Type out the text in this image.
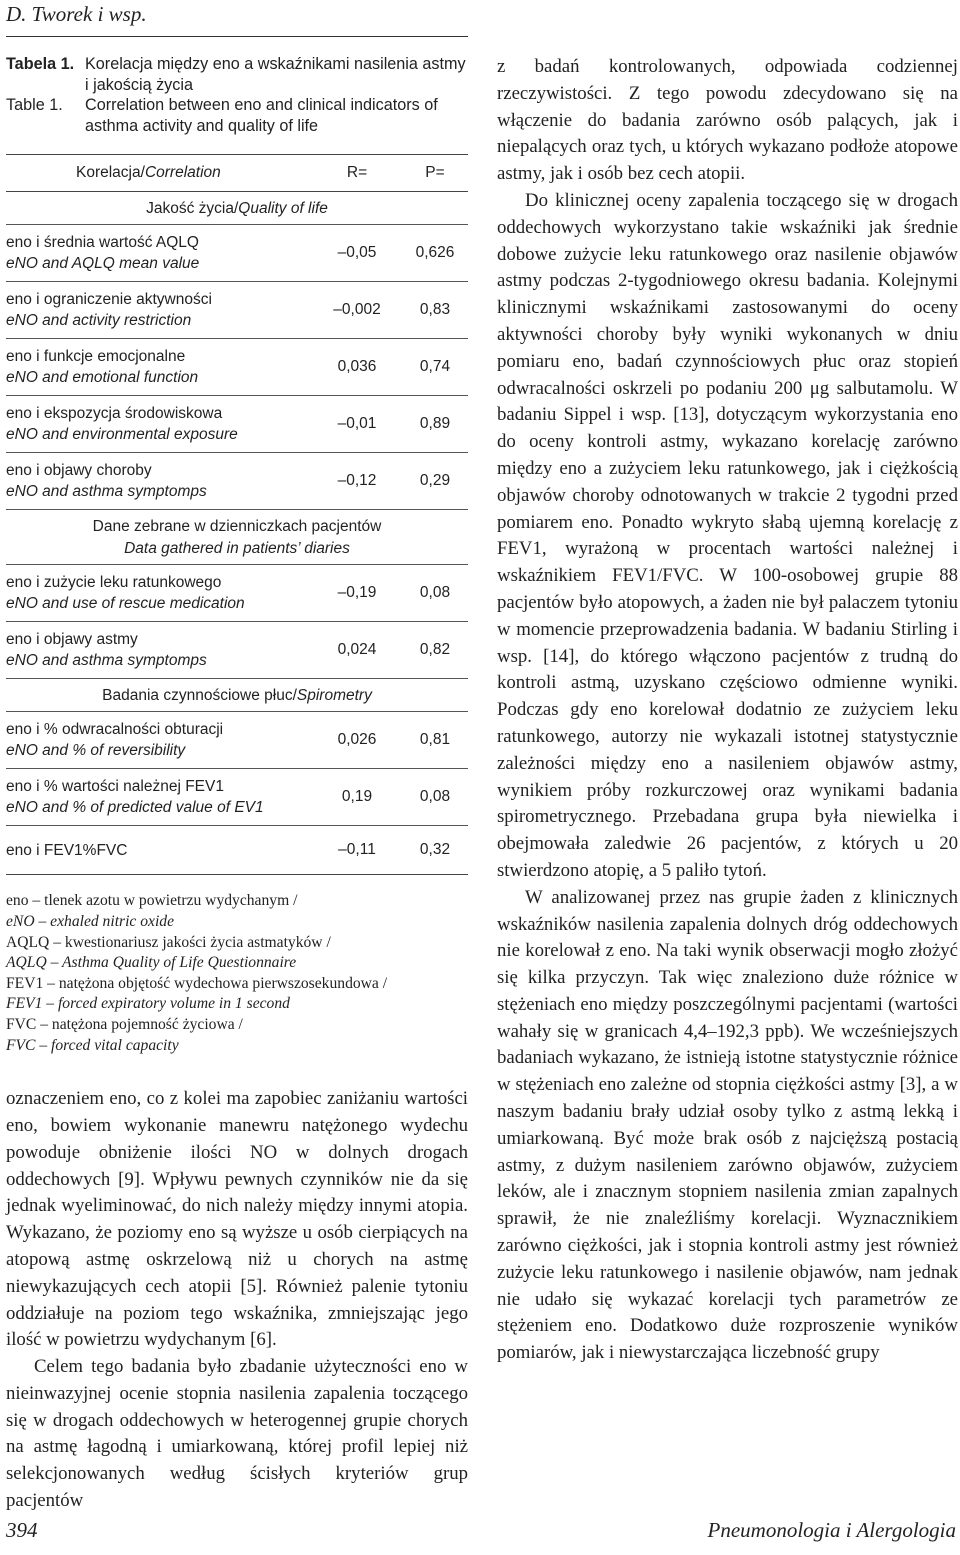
D. Tworek i wsp.
Tabela 1. Korelacja między eno a wskaźnikami nasilenia astmy i jakością życia
Table 1.	Correlation between eno and clinical indicators of asthma activity and quality of life
Korelacja/Correlation	R=	P=
Jakość życia/Quality of life
eno i średnia wartość AQLQ
eNO and AQLQ mean value
–0,05	0,626
eno i ograniczenie aktywności
eNO and activity restriction
–0,002	0,83
eno i funkcje emocjonalne
eNO and emotional function
0,036	0,74
eno i ekspozycja środowiskowa
eNO and environmental exposure
–0,01	0,89
eno i objawy choroby
eNO and asthma symptomps
–0,12	0,29
Dane zebrane w dzienniczkach pacjentów
Data gathered in patients’ diaries
eno i zużycie leku ratunkowego
eNO and use of rescue medication
–0,19	0,08
eno i objawy astmy
eNO and asthma symptomps
0,024	0,82
Badania czynnościowe płuc/Spirometry
eno i % odwracalności obturacji
eNO and % of reversibility
0,026	0,81
eno i % wartości należnej FEV1
eNO and % of predicted value of EV1
0,19	0,08
eno i FEV1%FVC	–0,11	0,32
eno – tlenek azotu w powietrzu wydychanym /
eNO – exhaled nitric oxide
AQLQ – kwestionariusz jakości życia astmatyków /
AQLQ – Asthma Quality of Life Questionnaire
FEV1 – natężona objętość wydechowa pierwszosekundowa /
FEV1 – forced expiratory volume in 1 second
FVC – natężona pojemność życiowa /
FVC – forced vital capacity

oznaczeniem eno, co z kolei ma zapobiec zaniżaniu wartości eno, bowiem wykonanie manewru natężonego wydechu powoduje obniżenie ilości NO w dolnych drogach oddechowych [9]. Wpływu pewnych czynników nie da się jednak wyeliminować, do nich należy między innymi atopia. Wykazano, że poziomy eno są wyższe u osób cierpiących na atopową astmę oskrzelową niż u chorych na astmę niewykazujących cech atopii [5]. Również palenie tytoniu oddziałuje na poziom tego wskaźnika, zmniejszając jego ilość w powietrzu wydychanym [6].

Celem tego badania było zbadanie użyteczności eno w nieinwazyjnej ocenie stopnia nasilenia zapalenia toczącego się w drogach oddechowych w heterogennej grupie chorych na astmę łagodną i umiarkowaną, której profil lepiej niż selekcjonowanych według ścisłych kryteriów grup pacjentów

z badań kontrolowanych, odpowiada codziennej rzeczywistości. Z tego powodu zdecydowano się na włączenie do badania zarówno osób palących, jak i niepalących oraz tych, u których wykazano podłoże atopowe astmy, jak i osób bez cech atopii.

Do klinicznej oceny zapalenia toczącego się w drogach oddechowych wykorzystano takie wskaźniki jak średnie dobowe zużycie leku ratunkowego oraz nasilenie objawów astmy podczas 2-tygodniowego okresu badania. Kolejnymi klinicznymi wskaźnikami zastosowanymi do oceny aktywności choroby były wyniki wykonanych w dniu pomiaru eno, badań czynnościowych płuc oraz stopień odwracalności oskrzeli po podaniu 200 μg salbutamolu. W badaniu Sippel i wsp. [13], dotyczącym wykorzystania eno do oceny kontroli astmy, wykazano korelację zarówno między eno a zużyciem leku ratunkowego, jak i ciężkością objawów choroby odnotowanych w trakcie 2 tygodni przed pomiarem eno. Ponadto wykryto słabą ujemną korelację z FEV1, wyrażoną w procentach wartości należnej i wskaźnikiem FEV1/FVC. W 100-osobowej grupie 88 pacjentów było atopowych, a żaden nie był palaczem tytoniu w momencie przeprowadzenia badania. W badaniu Stirling i wsp. [14], do którego włączono pacjentów z trudną do kontroli astmą, uzyskano częściowo odmienne wyniki. Podczas gdy eno korelował dodatnio ze zużyciem leku ratunkowego, autorzy nie wykazali istotnej statystycznie zależności między eno a nasileniem objawów astmy, wynikiem próby rozkurczowej oraz wynikami badania spirometrycznego. Przebadana grupa była niewielka i obejmowała zaledwie 26 pacjentów, z których u 20 stwierdzono atopię, a 5 paliło tytoń.

W analizowanej przez nas grupie żaden z klinicznych wskaźników nasilenia zapalenia dolnych dróg oddechowych nie korelował z eno. Na taki wynik obserwacji mogło złożyć się kilka przyczyn. Tak więc znaleziono duże różnice w stężeniach eno między poszczególnymi pacjentami (wartości wahały się w granicach 4,4–192,3 ppb). We wcześniejszych badaniach wykazano, że istnieją istotne statystycznie różnice w stężeniach eno zależne od stopnia ciężkości astmy [3], a w naszym badaniu brały udział osoby tylko z astmą lekką i umiarkowaną. Być może brak osób z najcięższą postacią astmy, z dużym nasileniem zarówno objawów, zużyciem leków, ale i znacznym stopniem nasilenia zmian zapalnych sprawił, że nie znaleźliśmy korelacji. Wyznacznikiem zarówno ciężkości, jak i stopnia kontroli astmy jest również zużycie leku ratunkowego i nasilenie objawów, nam jednak nie udało się wykazać korelacji tych parametrów ze stężeniem eno. Dodatkowo duże rozproszenie wyników pomiarów, jak i niewystarczająca liczebność grupy

394	Pneumonologia i Alergologia
